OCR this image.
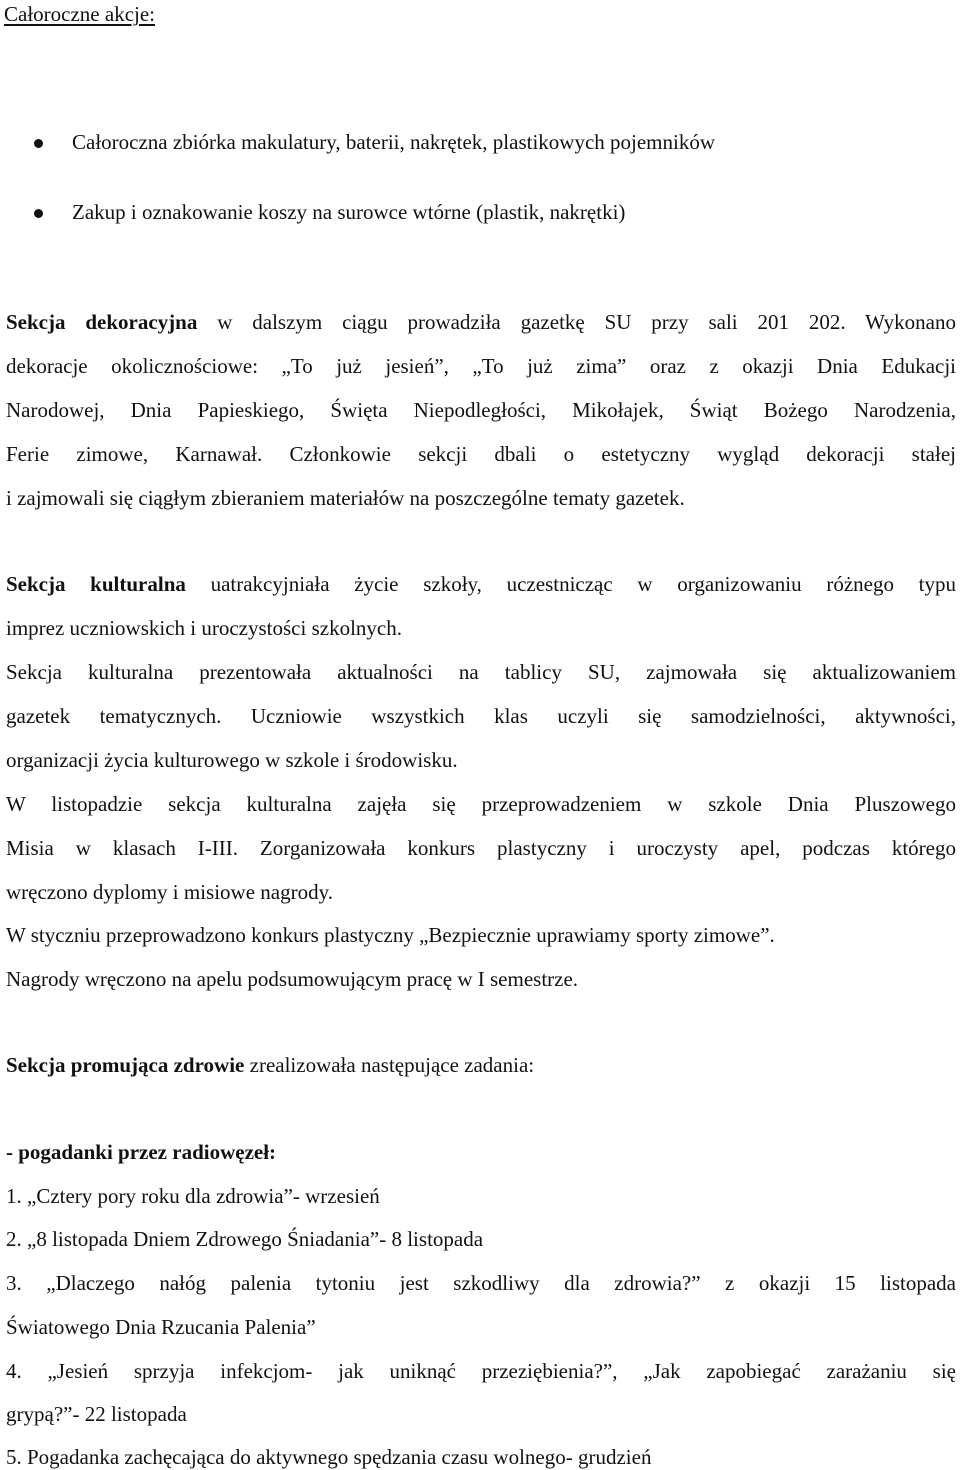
Całoroczne akcje:
Całoroczna zbiórka makulatury, baterii, nakrętek, plastikowych pojemników
Zakup i oznakowanie koszy na surowce wtórne (plastik, nakrętki)
Sekcja dekoracyjna w dalszym ciągu prowadziła gazetkę SU przy sali 201 202. Wykonano
dekoracje okolicznościowe: „To już jesień”, „To już zima” oraz z okazji Dnia Edukacji
Narodowej, Dnia Papieskiego, Święta Niepodległości, Mikołajek, Świąt Bożego Narodzenia,
Ferie zimowe, Karnawał. Członkowie sekcji dbali o estetyczny wygląd dekoracji stałej
i zajmowali się ciągłym zbieraniem materiałów na poszczególne tematy gazetek.
Sekcja kulturalna uatrakcyjniała życie szkoły, uczestnicząc w organizowaniu różnego typu
imprez uczniowskich i uroczystości szkolnych.
Sekcja kulturalna prezentowała aktualności na tablicy SU, zajmowała się aktualizowaniem
gazetek tematycznych. Uczniowie wszystkich klas uczyli się samodzielności, aktywności,
organizacji życia kulturowego w szkole i środowisku.
W listopadzie sekcja kulturalna zajęła się przeprowadzeniem w szkole Dnia Pluszowego
Misia w klasach I-III. Zorganizowała konkurs plastyczny i uroczysty apel, podczas którego
wręczono dyplomy i misiowe nagrody.
W styczniu przeprowadzono konkurs plastyczny „Bezpiecznie uprawiamy sporty zimowe”.
Nagrody wręczono na apelu podsumowującym pracę w I semestrze.
Sekcja promująca zdrowie zrealizowała następujące zadania:
- pogadanki przez radiowęzeł:
1. „Cztery pory roku dla zdrowia”- wrzesień
2. „8 listopada Dniem Zdrowego Śniadania”- 8 listopada
3. „Dlaczego nałóg palenia tytoniu jest szkodliwy dla zdrowia?” z okazji 15 listopada
Światowego Dnia Rzucania Palenia”
4. „Jesień sprzyja infekcjom- jak uniknąć przeziębienia?”, „Jak zapobiegać zarażaniu się
grypą?”- 22 listopada
5. Pogadanka zachęcająca do aktywnego spędzania czasu wolnego- grudzień
